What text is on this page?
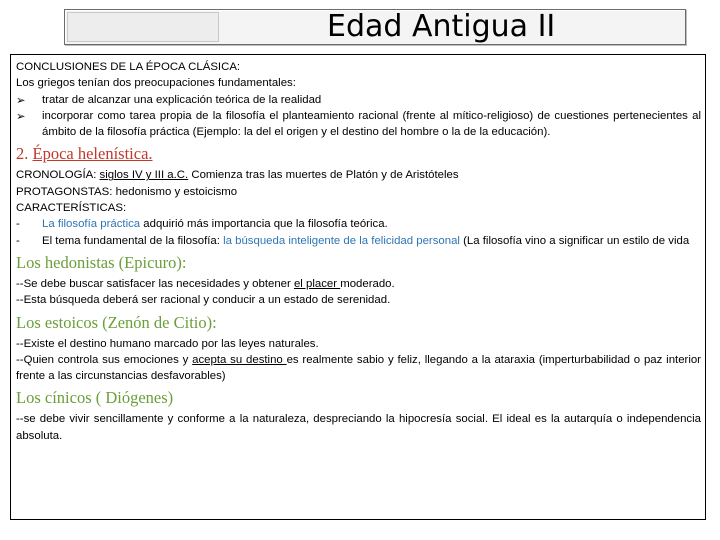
Edad Antigua II

CONCLUSIONES DE LA ÉPOCA CLÁSICA:

Los griegos tenían dos preocupaciones fundamentales:

➢	tratar de alcanzar una explicación teórica de la realidad
➢	incorporar como tarea propia de la filosofía el planteamiento racional (frente al mítico-religioso) de cuestiones pertenecientes al ámbito de la filosofía práctica (Ejemplo: la del el origen y el destino del hombre o la de la educación).

2. Época helenística.

CRONOLOGÍA: siglos IV y III a.C. Comienza tras las muertes de Platón y de Aristóteles

PROTAGONSTAS: hedonismo y estoicismo

CARACTERÍSTICAS:

-	La filosofía práctica adquirió más importancia que la filosofía teórica.
-	El tema fundamental de la filosofía: la búsqueda inteligente de la felicidad personal (La filosofía vino a significar un estilo de vida

Los hedonistas (Epicuro):

--Se debe buscar satisfacer las necesidades y obtener el placer moderado.

--Esta búsqueda deberá ser racional y conducir a un estado de serenidad.

Los estoicos (Zenón de Citio):

--Existe el destino humano marcado por las leyes naturales.

--Quien controla sus emociones y acepta su destino es realmente sabio y feliz, llegando a la ataraxia (imperturbabilidad o paz interior frente a las circunstancias desfavorables)

Los cínicos ( Diógenes)

--se debe vivir sencillamente y conforme a la naturaleza, despreciando la hipocresía social. El ideal es la autarquía o independencia absoluta.
